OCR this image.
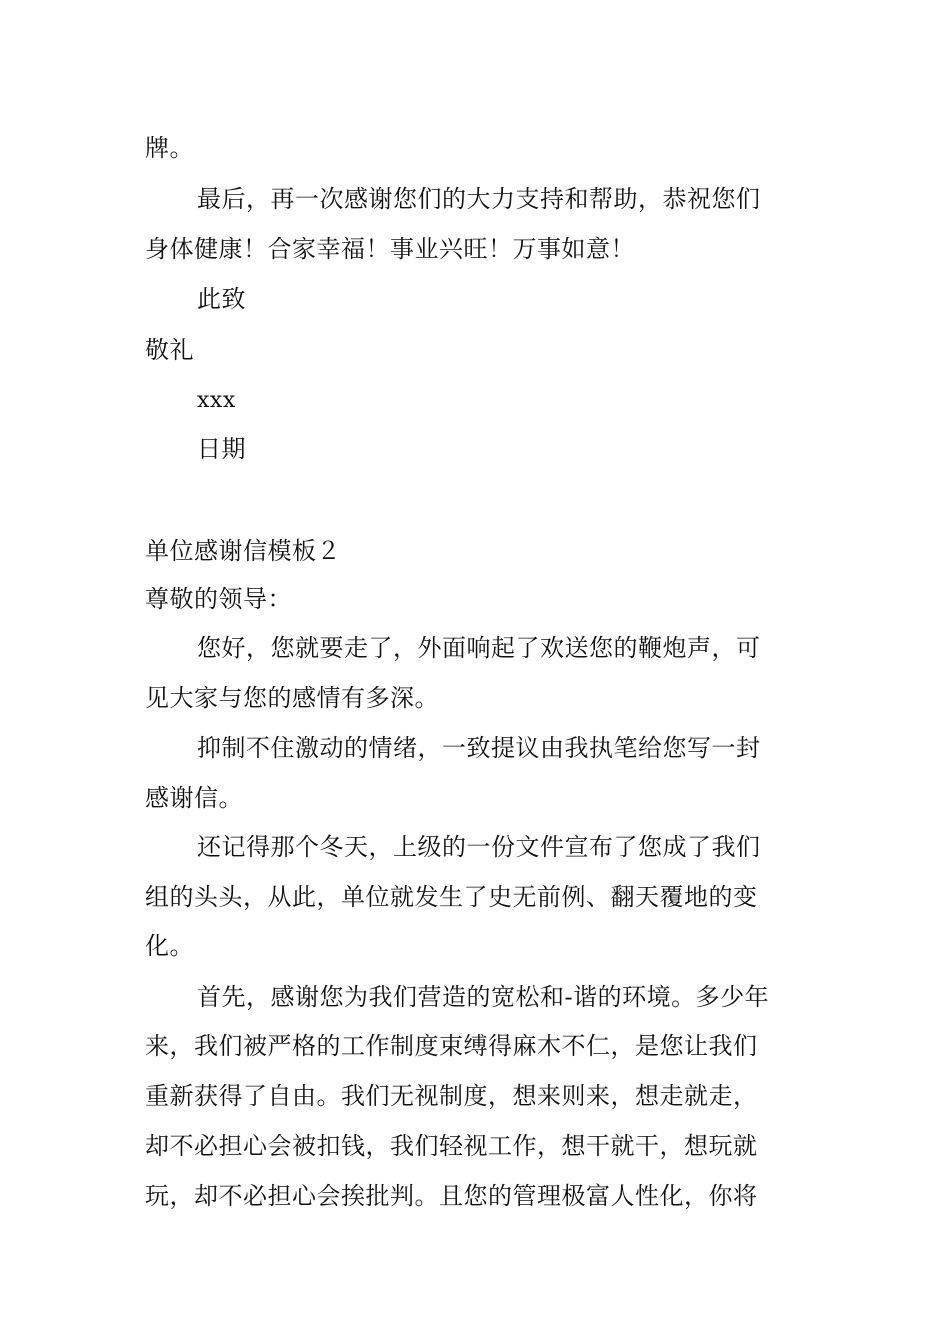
牌。
最后，再一次感谢您们的大力支持和帮助，恭祝您们
身体健康！合家幸福！事业兴旺！万事如意！
此致
敬礼
xxx
日期
单位感谢信模板２
尊敬的领导：
您好，您就要走了，外面响起了欢送您的鞭炮声，可
见大家与您的感情有多深。
抑制不住激动的情绪，一致提议由我执笔给您写一封
感谢信。
还记得那个冬天，上级的一份文件宣布了您成了我们
组的头头，从此，单位就发生了史无前例、翻天覆地的变
化。
首先，感谢您为我们营造的宽松和-谐的环境。多少年
来，我们被严格的工作制度束缚得麻木不仁，是您让我们
重新获得了自由。我们无视制度，想来则来，想走就走，
却不必担心会被扣钱，我们轻视工作，想干就干，想玩就
玩，却不必担心会挨批判。且您的管理极富人性化，你将
